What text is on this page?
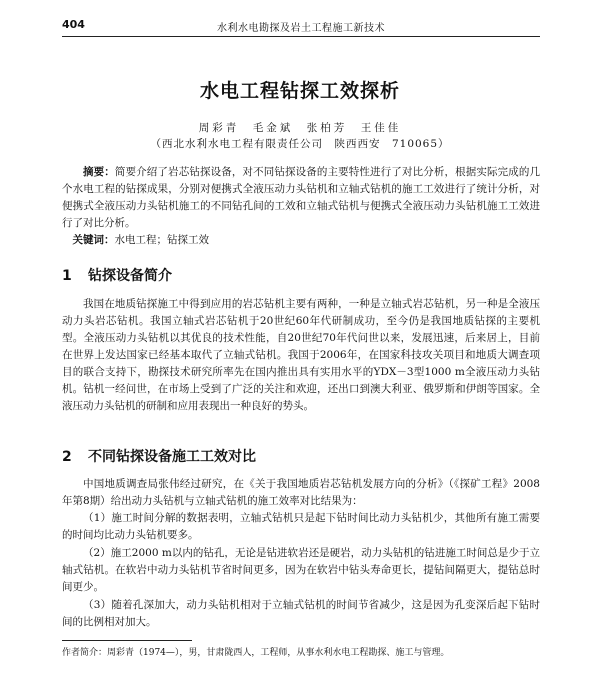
404	水利水电勘探及岩土工程施工新技术
水电工程钻探工效探析
周彩青　毛金斌　张柏芳　王佳佳
（西北水利水电工程有限责任公司　陕西西安　710065）

摘要：简要介绍了岩芯钻探设备，对不同钻探设备的主要特性进行了对比分析，根据实际完成的几个水电工程的钻探成果，分别对便携式全液压动力头钻机和立轴式钻机的施工工效进行了统计分析，对便携式全液压动力头钻机施工的不同钻孔间的工效和立轴式钻机与便携式全液压动力头钻机施工工效进行了对比分析。

关键词：水电工程；钻探工效

1 钻探设备简介

我国在地质钻探施工中得到应用的岩芯钻机主要有两种，一种是立轴式岩芯钻机，另一种是全液压动力头岩芯钻机。我国立轴式岩芯钻机于20世纪60年代研制成功，至今仍是我国地质钻探的主要机型。全液压动力头钻机以其优良的技术性能，自20世纪70年代问世以来，发展迅速，后来居上，目前在世界上发达国家已经基本取代了立轴式钻机。我国于2006年，在国家科技攻关项目和地质大调查项目的联合支持下，勘探技术研究所率先在国内推出具有实用水平的YDX－3型1000 m全液压动力头钻机。钻机一经问世，在市场上受到了广泛的关注和欢迎，还出口到澳大利亚、俄罗斯和伊朗等国家。全液压动力头钻机的研制和应用表现出一种良好的势头。

2 不同钻探设备施工工效对比

中国地质调查局张伟经过研究，在《关于我国地质岩芯钻机发展方向的分析》（《探矿工程》2008年第8期）给出动力头钻机与立轴式钻机的施工效率对比结果为：

（1）施工时间分解的数据表明，立轴式钻机只是起下钻时间比动力头钻机少，其他所有施工需要的时间均比动力头钻机要多。

（2）施工2000 m以内的钻孔，无论是钻进软岩还是硬岩，动力头钻机的钻进施工时间总是少于立轴式钻机。在软岩中动力头钻机节省时间更多，因为在软岩中钻头寿命更长，提钻间隔更大，提钻总时间更少。

（3）随着孔深加大，动力头钻机相对于立轴式钻机的时间节省减少，这是因为孔变深后起下钻时间的比例相对加大。

作者简介：周彩青（1974—），男，甘肃陇西人，工程师，从事水利水电工程勘探、施工与管理。
